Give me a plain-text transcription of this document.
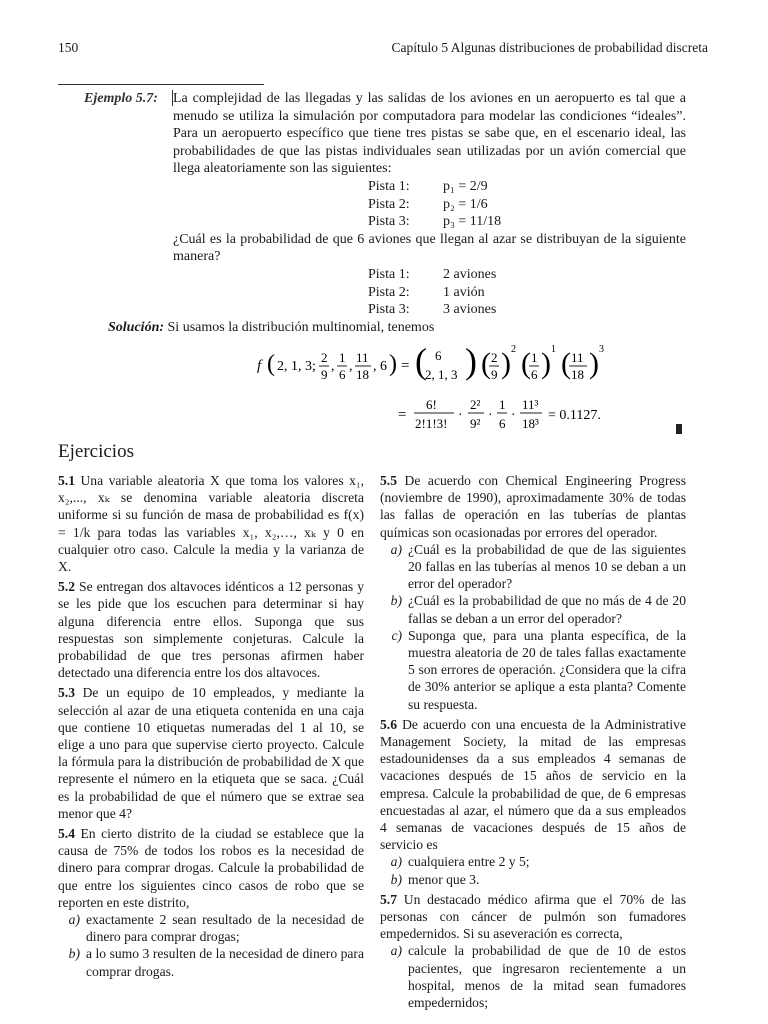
150	Capítulo 5 Algunas distribuciones de probabilidad discreta
Ejemplo 5.7: La complejidad de las llegadas y las salidas de los aviones en un aeropuerto es tal que a menudo se utiliza la simulación por computadora para modelar las condiciones “ideales”. Para un aeropuerto específico que tiene tres pistas se sabe que, en el escenario ideal, las probabilidades de que las pistas individuales sean utilizadas por un avión comercial que llega aleatoriamente son las siguientes:
Pista 1:	p₁ = 2/9
Pista 2:	p₂ = 1/6
Pista 3:	p₃ = 11/18
¿Cuál es la probabilidad de que 6 aviones que llegan al azar se distribuyan de la siguiente manera?
Pista 1:	2 aviones
Pista 2:	1 avión
Pista 3:	3 aviones
Solución: Si usamos la distribución multinomial, tenemos
f ( 2, 1, 3;
2
9
,
1
6
,
11
18
, 6 ) = ( 6
2, 1, 3 ) ( 2
9 ) 2 ( 1
6 ) 1 ( 11
18 ) 3
=
6!
2!1!3!
·
2²
9²
·
1
6
·
11³
18³
= 0.1127.
Ejercicios
5.1 Una variable aleatoria X que toma los valores x₁, x₂,..., xₖ se denomina variable aleatoria discreta uniforme si su función de masa de probabilidad es f(x) = 1/k para todas las variables x₁, x₂,…, xₖ y 0 en cualquier otro caso. Calcule la media y la varianza de X.
5.2 Se entregan dos altavoces idénticos a 12 personas y se les pide que los escuchen para determinar si hay alguna diferencia entre ellos. Suponga que sus respuestas son simplemente conjeturas. Calcule la probabilidad de que tres personas afirmen haber detectado una diferencia entre los dos altavoces.
5.3 De un equipo de 10 empleados, y mediante la selección al azar de una etiqueta contenida en una caja que contiene 10 etiquetas numeradas del 1 al 10, se elige a uno para que supervise cierto proyecto. Calcule la fórmula para la distribución de probabilidad de X que represente el número en la etiqueta que se saca. ¿Cuál es la probabilidad de que el número que se extrae sea menor que 4?
5.4 En cierto distrito de la ciudad se establece que la causa de 75% de todos los robos es la necesidad de dinero para comprar drogas. Calcule la probabilidad de que entre los siguientes cinco casos de robo que se reporten en este distrito,
a) exactamente 2 sean resultado de la necesidad de dinero para comprar drogas;
b) a lo sumo 3 resulten de la necesidad de dinero para comprar drogas.
5.5 De acuerdo con Chemical Engineering Progress (noviembre de 1990), aproximadamente 30% de todas las fallas de operación en las tuberías de plantas químicas son ocasionadas por errores del operador.
a) ¿Cuál es la probabilidad de que de las siguientes 20 fallas en las tuberías al menos 10 se deban a un error del operador?
b) ¿Cuál es la probabilidad de que no más de 4 de 20 fallas se deban a un error del operador?
c) Suponga que, para una planta específica, de la muestra aleatoria de 20 de tales fallas exactamente 5 son errores de operación. ¿Considera que la cifra de 30% anterior se aplique a esta planta? Comente su respuesta.
5.6 De acuerdo con una encuesta de la Administrative Management Society, la mitad de las empresas estadounidenses da a sus empleados 4 semanas de vacaciones después de 15 años de servicio en la empresa. Calcule la probabilidad de que, de 6 empresas encuestadas al azar, el número que da a sus empleados 4 semanas de vacaciones después de 15 años de servicio es
a) cualquiera entre 2 y 5;
b) menor que 3.
5.7 Un destacado médico afirma que el 70% de las personas con cáncer de pulmón son fumadores empedernidos. Si su aseveración es correcta,
a) calcule la probabilidad de que de 10 de estos pacientes, que ingresaron recientemente a un hospital, menos de la mitad sean fumadores empedernidos;
